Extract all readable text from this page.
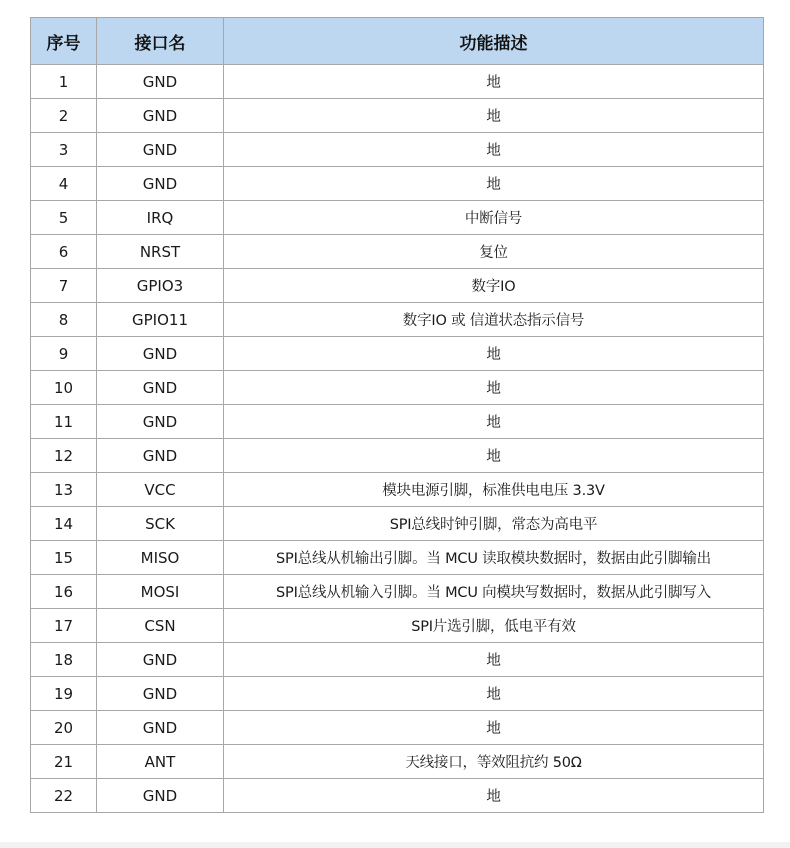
序号	接口名	功能描述
1	GND	地
2	GND	地
3	GND	地
4	GND	地
5	IRQ	中断信号
6	NRST	复位
7	GPIO3	数字IO
8	GPIO11	数字IO 或 信道状态指示信号
9	GND	地
10	GND	地
11	GND	地
12	GND	地
13	VCC	模块电源引脚，标准供电电压 3.3V
14	SCK	SPI总线时钟引脚，常态为高电平
15	MISO	SPI总线从机输出引脚。当 MCU 读取模块数据时，数据由此引脚输出
16	MOSI	SPI总线从机输入引脚。当 MCU 向模块写数据时，数据从此引脚写入
17	CSN	SPI片选引脚，低电平有效
18	GND	地
19	GND	地
20	GND	地
21	ANT	天线接口，等效阻抗约 50Ω
22	GND	地
